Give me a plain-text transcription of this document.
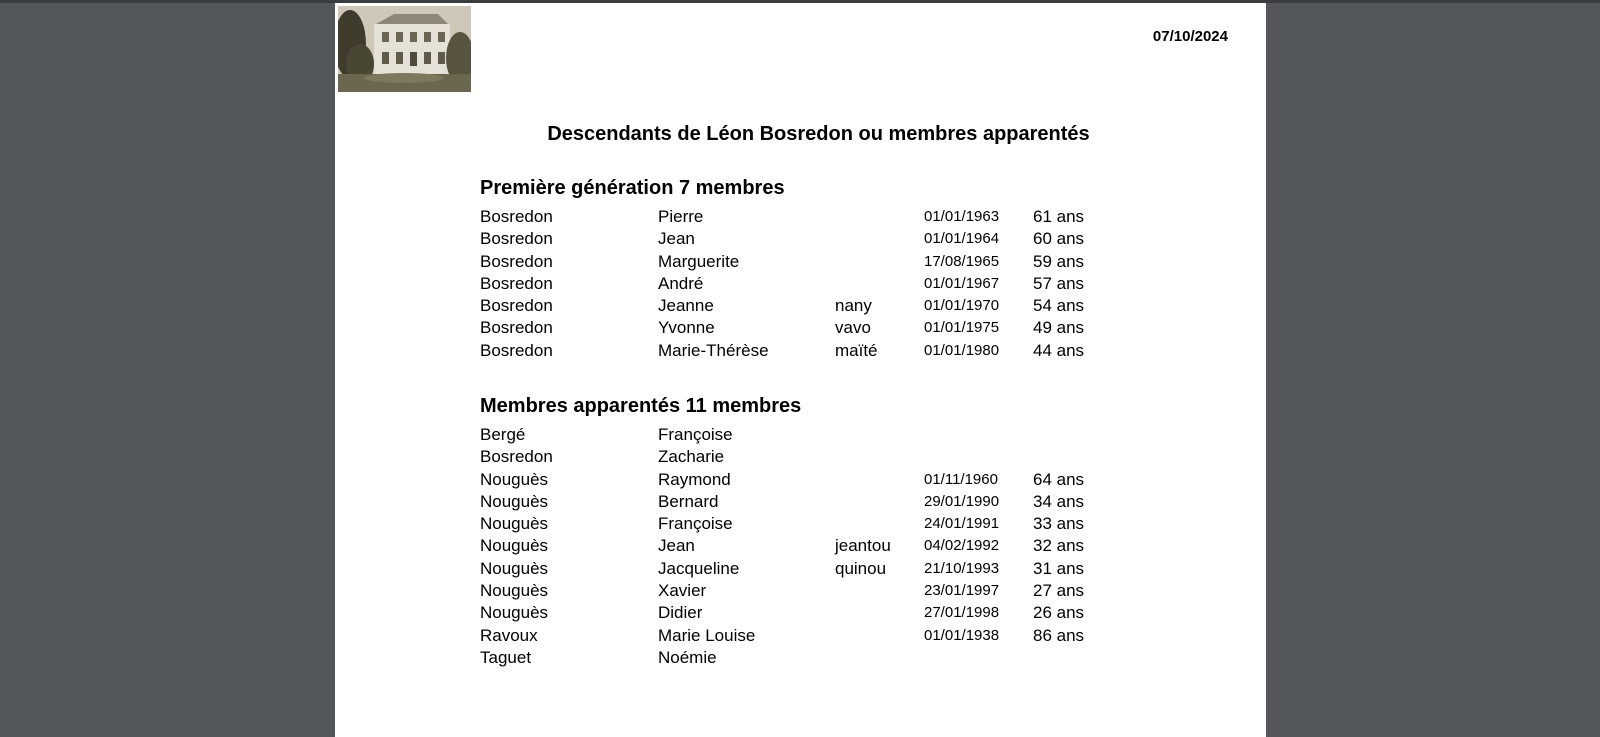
07/10/2024
Descendants de Léon Bosredon ou membres apparentés
Première génération 7 membres
Bosredon	Pierre	01/01/1963 61 ans
Bosredon	Jean	01/01/1964 60 ans
Bosredon	Marguerite	17/08/1965 59 ans
Bosredon	André	01/01/1967 57 ans
Bosredon	Jeanne	nany	01/01/1970 54 ans
Bosredon	Yvonne	vavo	01/01/1975 49 ans
Bosredon	Marie-Thérèse	maïté	01/01/1980 44 ans
Membres apparentés 11 membres
Bergé	Françoise
Bosredon	Zacharie
Nouguès	Raymond	01/11/1960 64 ans
Nouguès	Bernard	29/01/1990 34 ans
Nouguès	Françoise	24/01/1991 33 ans
Nouguès	Jean	jeantou 04/02/1992 32 ans
Nouguès	Jacqueline	quinou	21/10/1993 31 ans
Nouguès	Xavier	23/01/1997 27 ans
Nouguès	Didier	27/01/1998 26 ans
Ravoux	Marie Louise	01/01/1938 86 ans
Taguet	Noémie
